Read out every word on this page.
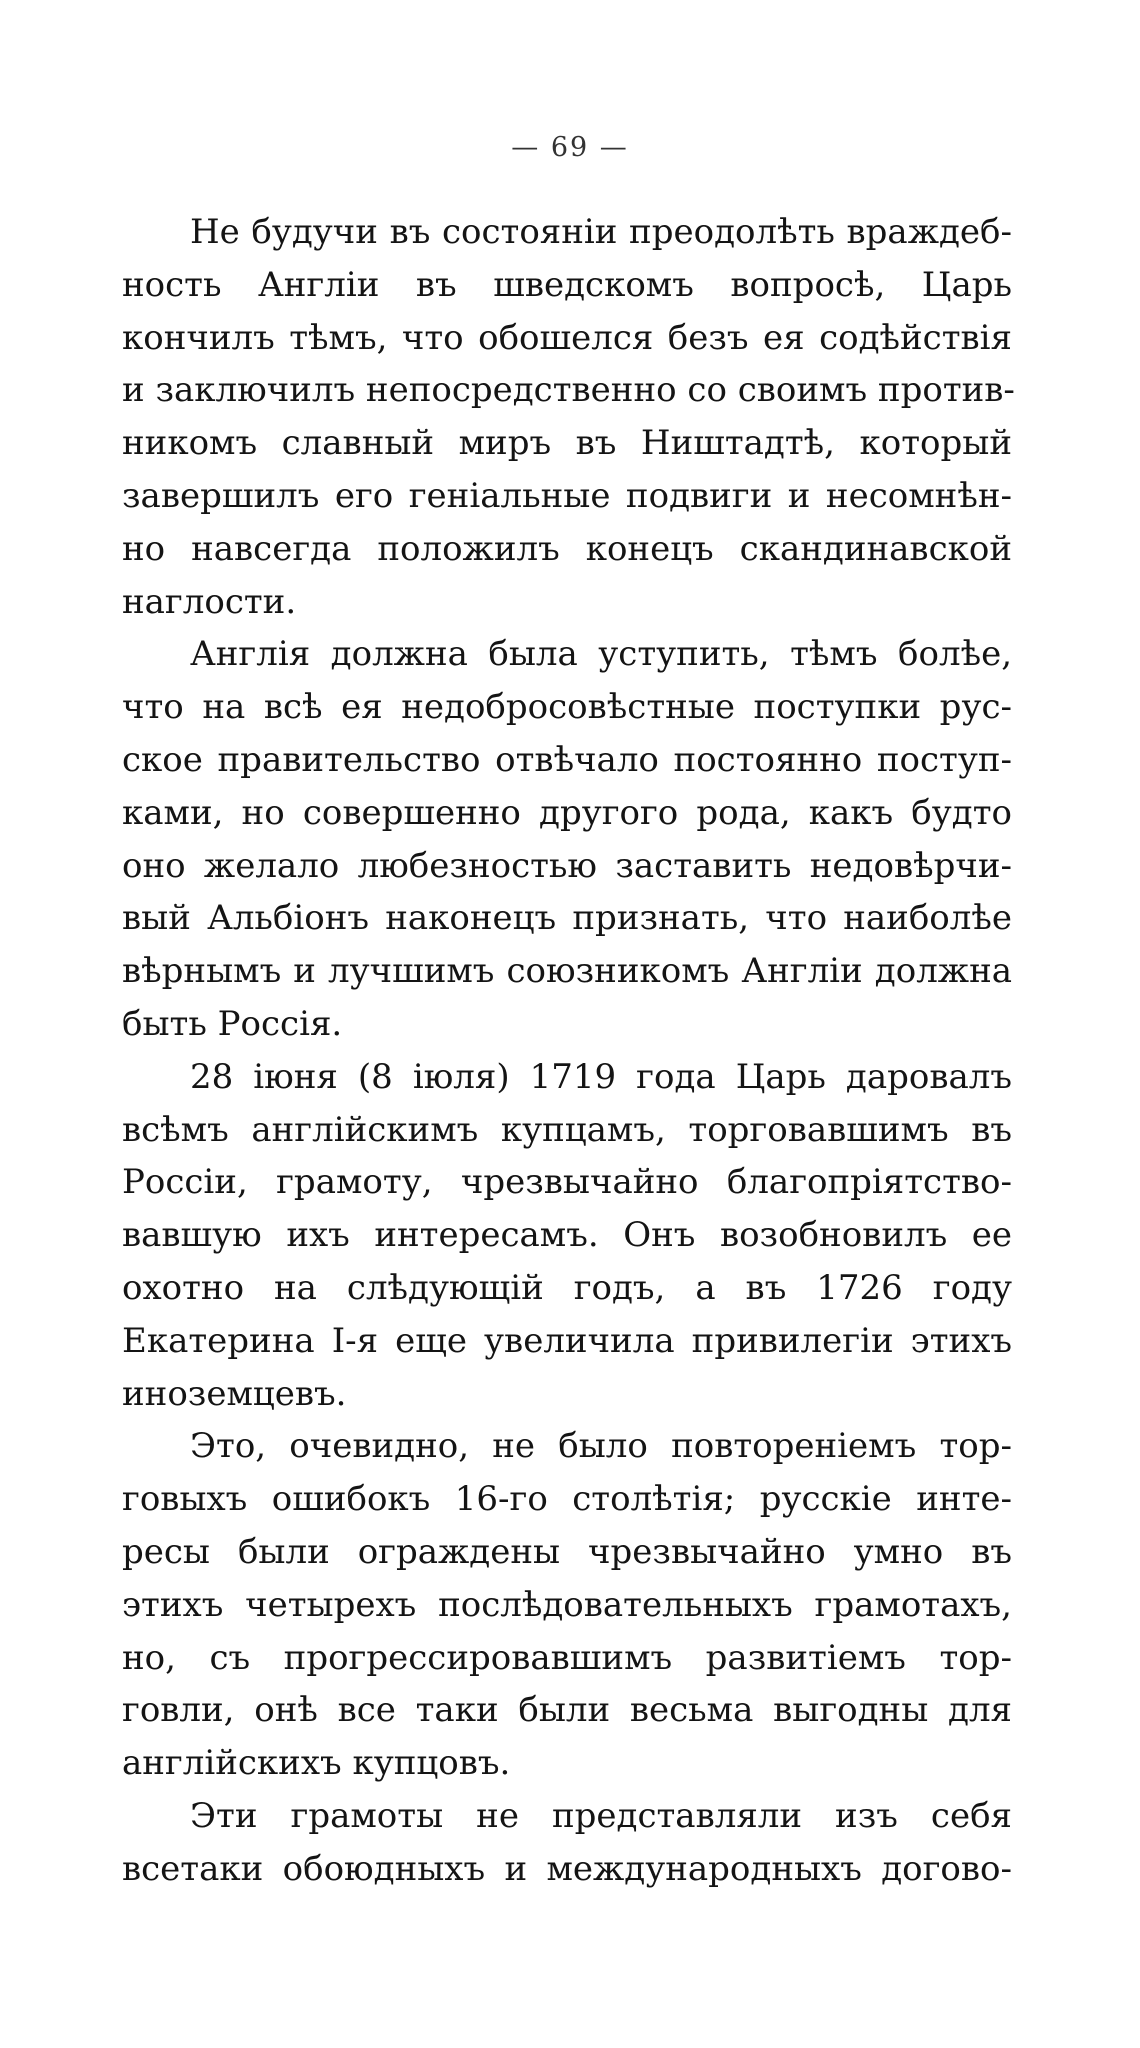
— 69 —
Не будучи въ состояніи преодолѣть враждеб-
ность Англіи въ шведскомъ вопросѣ, Царь
кончилъ тѣмъ, что обошелся безъ ея содѣйствія
и заключилъ непосредственно со своимъ против-
никомъ славный миръ въ Ништадтѣ, который
завершилъ его геніальные подвиги и несомнѣн-
но навсегда положилъ конецъ скандинавской
наглости.
Англія должна была уступить, тѣмъ болѣе,
что на всѣ ея недобросовѣстные поступки рус-
ское правительство отвѣчало постоянно поступ-
ками, но совершенно другого рода, какъ будто
оно желало любезностью заставить недовѣрчи-
вый Альбіонъ наконецъ признать, что наиболѣе
вѣрнымъ и лучшимъ союзникомъ Англіи должна
быть Россія.
28 іюня (8 іюля) 1719 года Царь даровалъ
всѣмъ англійскимъ купцамъ, торговавшимъ въ
Россіи, грамоту, чрезвычайно благопріятство-
вавшую ихъ интересамъ. Онъ возобновилъ ее
охотно на слѣдующій годъ, а въ 1726 году
Екатерина I-я еще увеличила привилегіи этихъ
иноземцевъ.
Это, очевидно, не было повтореніемъ тор-
говыхъ ошибокъ 16-го столѣтія; русскіе инте-
ресы были ограждены чрезвычайно умно въ
этихъ четырехъ послѣдовательныхъ грамотахъ,
но, съ прогрессировавшимъ развитіемъ тор-
говли, онѣ все таки были весьма выгодны для
англійскихъ купцовъ.
Эти грамоты не представляли изъ себя
всетаки обоюдныхъ и международныхъ догово-
